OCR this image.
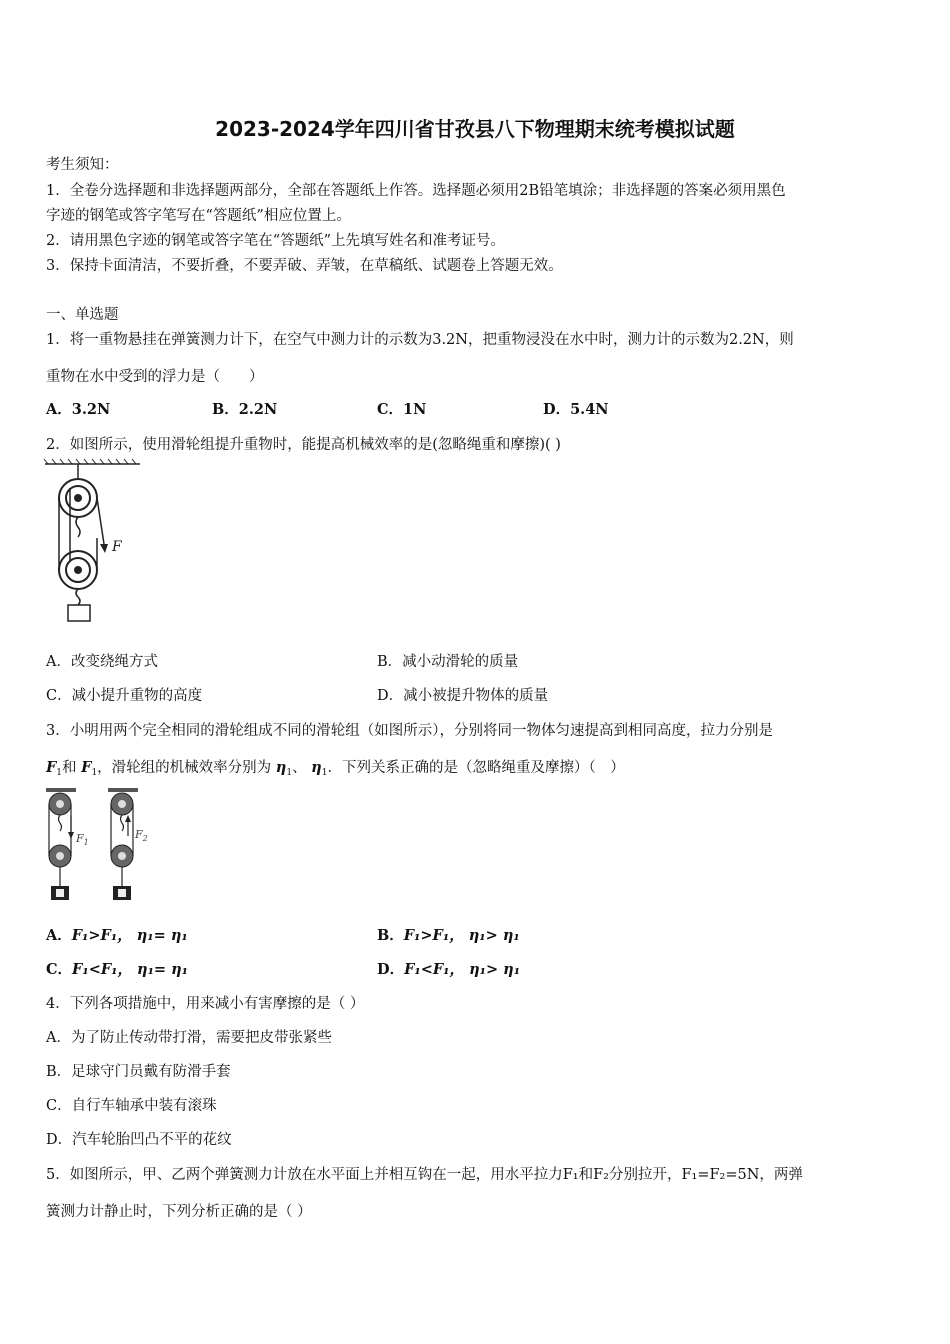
2023-2024学年四川省甘孜县八下物理期末统考模拟试题
考生须知：
1．全卷分选择题和非选择题两部分，全部在答题纸上作答。选择题必须用2B铅笔填涂；非选择题的答案必须用黑色
字迹的钢笔或答字笔写在“答题纸”相应位置上。
2．请用黑色字迹的钢笔或答字笔在“答题纸”上先填写姓名和准考证号。
3．保持卡面清洁，不要折叠，不要弄破、弄皱，在草稿纸、试题卷上答题无效。
一、单选题
1．将一重物悬挂在弹簧测力计下，在空气中测力计的示数为3.2N，把重物浸没在水中时，测力计的示数为2.2N，则
重物在水中受到的浮力是（　　）
A．3.2N	B．2.2N	C．1N	D．5.4N
2．如图所示，使用滑轮组提升重物时，能提高机械效率的是(忽略绳重和摩擦)( )
F
A．改变绕绳方式	B．减小动滑轮的质量
C．减小提升重物的高度	D．减小被提升物体的质量
3．小明用两个完全相同的滑轮组成不同的滑轮组（如图所示），分别将同一物体匀速提高到相同高度，拉力分别是
$F_1$和 $F_1$，滑轮组的机械效率分别为 $\eta_1$、 $\eta_1$．下列关系正确的是（忽略绳重及摩擦）（　）
$F_1$
$F_2$
A．F₁>F₁， η₁= η₁	B．F₁>F₁， η₁> η₁
C．F₁<F₁， η₁= η₁	D．F₁<F₁， η₁> η₁
4．下列各项措施中，用来减小有害摩擦的是（ ）
A．为了防止传动带打滑，需要把皮带张紧些
B．足球守门员戴有防滑手套
C．自行车轴承中装有滚珠
D．汽车轮胎凹凸不平的花纹
5．如图所示，甲、乙两个弹簧测力计放在水平面上并相互钩在一起，用水平拉力F₁和F₂分别拉开，F₁=F₂=5N，两弹
簧测力计静止时，下列分析正确的是（ ）
